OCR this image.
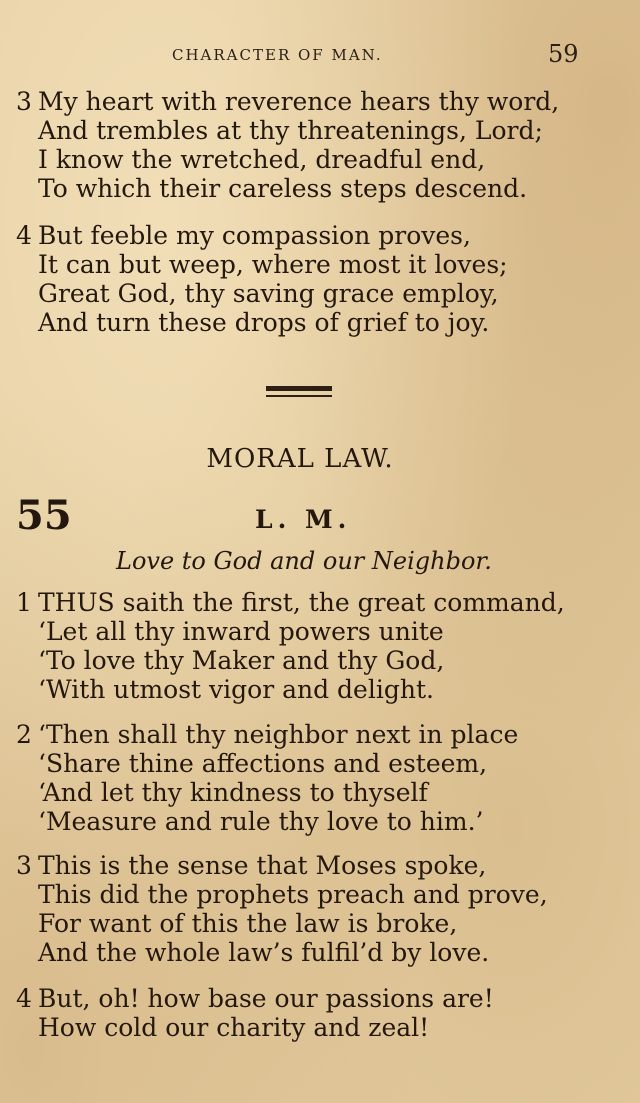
CHARACTER OF MAN.	59
3 My heart with reverence hears thy word,
And trembles at thy threatenings, Lord;
I know the wretched, dreadful end,
To which their careless steps descend.
4 But feeble my compassion proves,
It can but weep, where most it loves;
Great God, thy saving grace employ,
And turn these drops of grief to joy.
MORAL LAW.
55	L. M.
Love to God and our Neighbor.
1 THUS saith the first, the great command,
‘Let all thy inward powers unite
‘To love thy Maker and thy God,
‘With utmost vigor and delight.
2 ‘Then shall thy neighbor next in place
‘Share thine affections and esteem,
‘And let thy kindness to thyself
‘Measure and rule thy love to him.’
3 This is the sense that Moses spoke,
This did the prophets preach and prove,
For want of this the law is broke,
And the whole law’s fulfil’d by love.
4 But, oh! how base our passions are!
How cold our charity and zeal!
